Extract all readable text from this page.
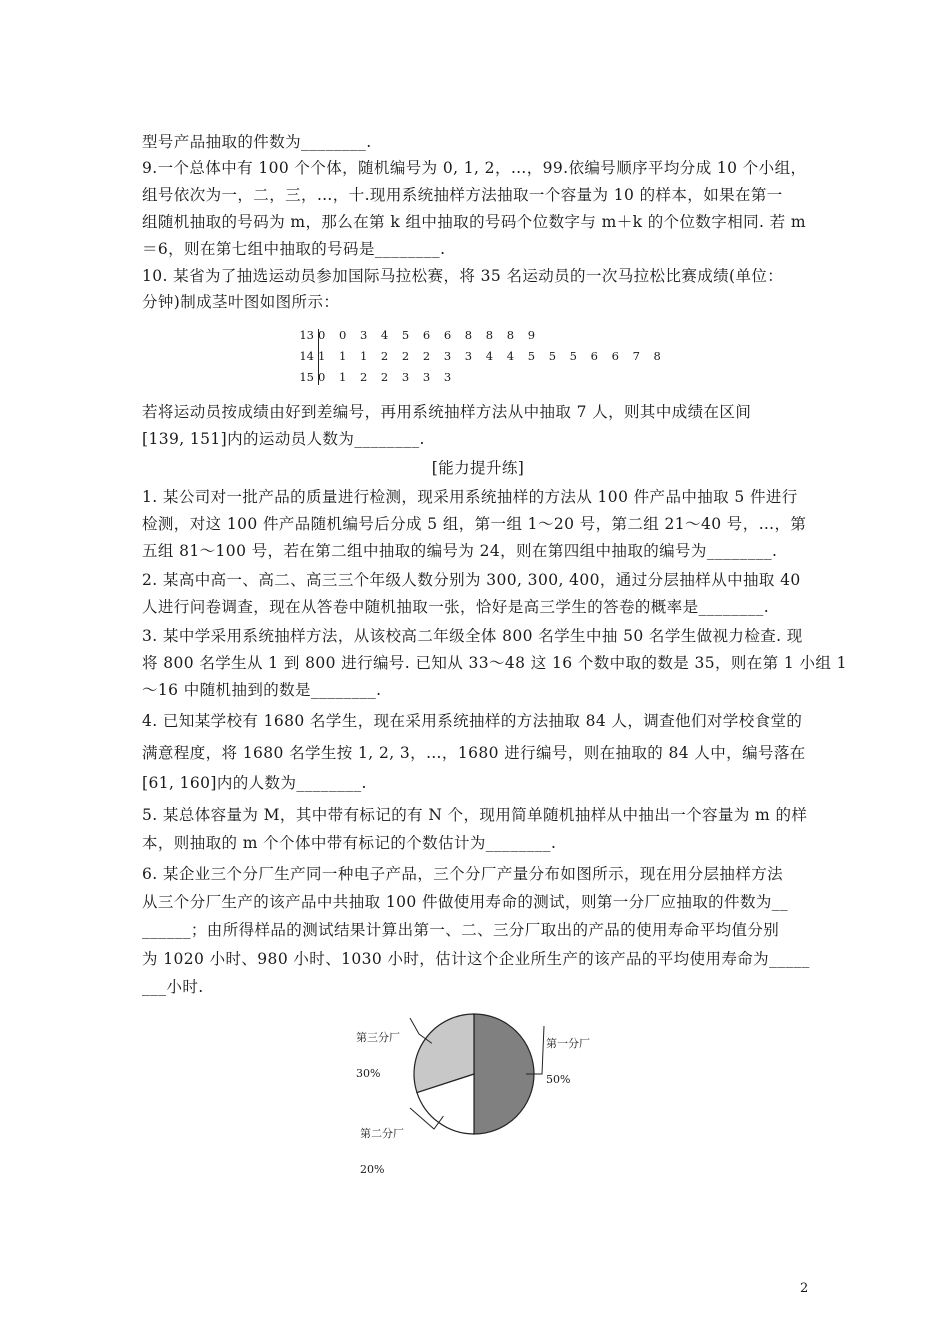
型号产品抽取的件数为________.
9.一个总体中有 100 个个体，随机编号为 0, 1, 2，…，99.依编号顺序平均分成 10 个小组，
组号依次为一，二，三，…，十.现用系统抽样方法抽取一个容量为 10 的样本，如果在第一
组随机抽取的号码为 m，那么在第 k 组中抽取的号码个位数字与 m＋k 的个位数字相同. 若 m
＝6，则在第七组中抽取的号码是________.
10. 某省为了抽选运动员参加国际马拉松赛，将 35 名运动员的一次马拉松比赛成绩(单位：
分钟)制成茎叶图如图所示：
13 0 0 3 4 5 6 6 8 8 8 9
14 1 1 1 2 2 2 3 3 4 4 5 5 5 6 6 7 8
15 0 1 2 2 3 3 3
若将运动员按成绩由好到差编号，再用系统抽样方法从中抽取 7 人，则其中成绩在区间
[139, 151]内的运动员人数为________.
[能力提升练]
1. 某公司对一批产品的质量进行检测，现采用系统抽样的方法从 100 件产品中抽取 5 件进行
检测，对这 100 件产品随机编号后分成 5 组，第一组 1～20 号，第二组 21～40 号，…，第
五组 81～100 号，若在第二组中抽取的编号为 24，则在第四组中抽取的编号为________.
2. 某高中高一、高二、高三三个年级人数分别为 300, 300, 400，通过分层抽样从中抽取 40
人进行问卷调查，现在从答卷中随机抽取一张，恰好是高三学生的答卷的概率是________.
3. 某中学采用系统抽样方法，从该校高二年级全体 800 名学生中抽 50 名学生做视力检查. 现
将 800 名学生从 1 到 800 进行编号. 已知从 33～48 这 16 个数中取的数是 35，则在第 1 小组 1
～16 中随机抽到的数是________.
4. 已知某学校有 1680 名学生，现在采用系统抽样的方法抽取 84 人，调查他们对学校食堂的
满意程度，将 1680 名学生按 1, 2, 3，…，1680 进行编号，则在抽取的 84 人中，编号落在
[61, 160]内的人数为________.
5. 某总体容量为 M，其中带有标记的有 N 个，现用简单随机抽样从中抽出一个容量为 m 的样
本，则抽取的 m 个个体中带有标记的个数估计为________.
6. 某企业三个分厂生产同一种电子产品，三个分厂产量分布如图所示，现在用分层抽样方法
从三个分厂生产的该产品中共抽取 100 件做使用寿命的测试，则第一分厂应抽取的件数为__
______；由所得样品的测试结果计算出第一、二、三分厂取出的产品的使用寿命平均值分别
为 1020 小时、980 小时、1030 小时，估计这个企业所生产的该产品的平均使用寿命为_____
___小时.

第一分厂

50%

第二分厂

20%

第三分厂

30%

2
